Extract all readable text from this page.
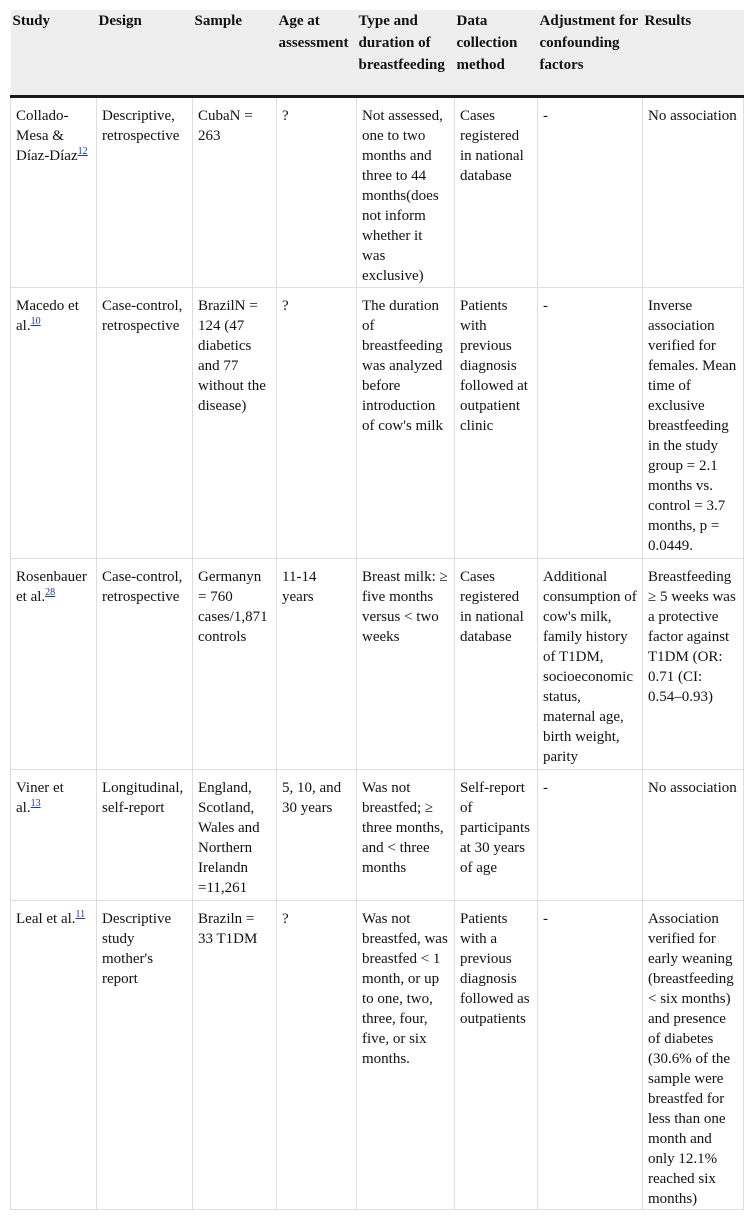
Study	Design	Sample	Age at assessment	Type and duration of breastfeeding	Data collection method	Adjustment for confounding factors	Results
Collado-Mesa & Díaz-Díaz$^{12}$	Descriptive, retrospective	CubaN = 263	?	Not assessed, one to two months and three to 44 months(does not inform whether it was exclusive)	Cases registered in national database	-	No association
Macedo et al.$^{10}$	Case-control, retrospective	BrazilN = 124 (47 diabetics and 77 without the disease)	?	The duration of breastfeeding was analyzed before introduction of cow's milk	Patients with previous diagnosis followed at outpatient clinic	-	Inverse association verified for females. Mean time of exclusive breastfeeding in the study group = 2.1 months vs. control = 3.7 months, p = 0.0449.
Rosenbauer et al.$^{28}$	Case-control, retrospective	Germanyn = 760 cases/1,871 controls	11-14 years	Breast milk: ≥ five months versus < two weeks	Cases registered in national database	Additional consumption of cow's milk, family history of T1DM, socioeconomic status, maternal age, birth weight, parity	Breastfeeding ≥ 5 weeks was a protective factor against T1DM (OR: 0.71 (CI: 0.54–0.93)
Viner et al.$^{13}$	Longitudinal, self-report	England, Scotland, Wales and Northern Irelandn =11,261	5, 10, and 30 years	Was not breastfed; ≥ three months, and < three months	Self-report of participants at 30 years of age	-	No association
Leal et al.$^{11}$	Descriptive study mother's report	Braziln = 33 T1DM	?	Was not breastfed, was breastfed < 1 month, or up to one, two, three, four, five, or six months.	Patients with a previous diagnosis followed as outpatients	-	Association verified for early weaning (breastfeeding < six months) and presence of diabetes (30.6% of the sample were breastfed for less than one month and only 12.1% reached six months)
